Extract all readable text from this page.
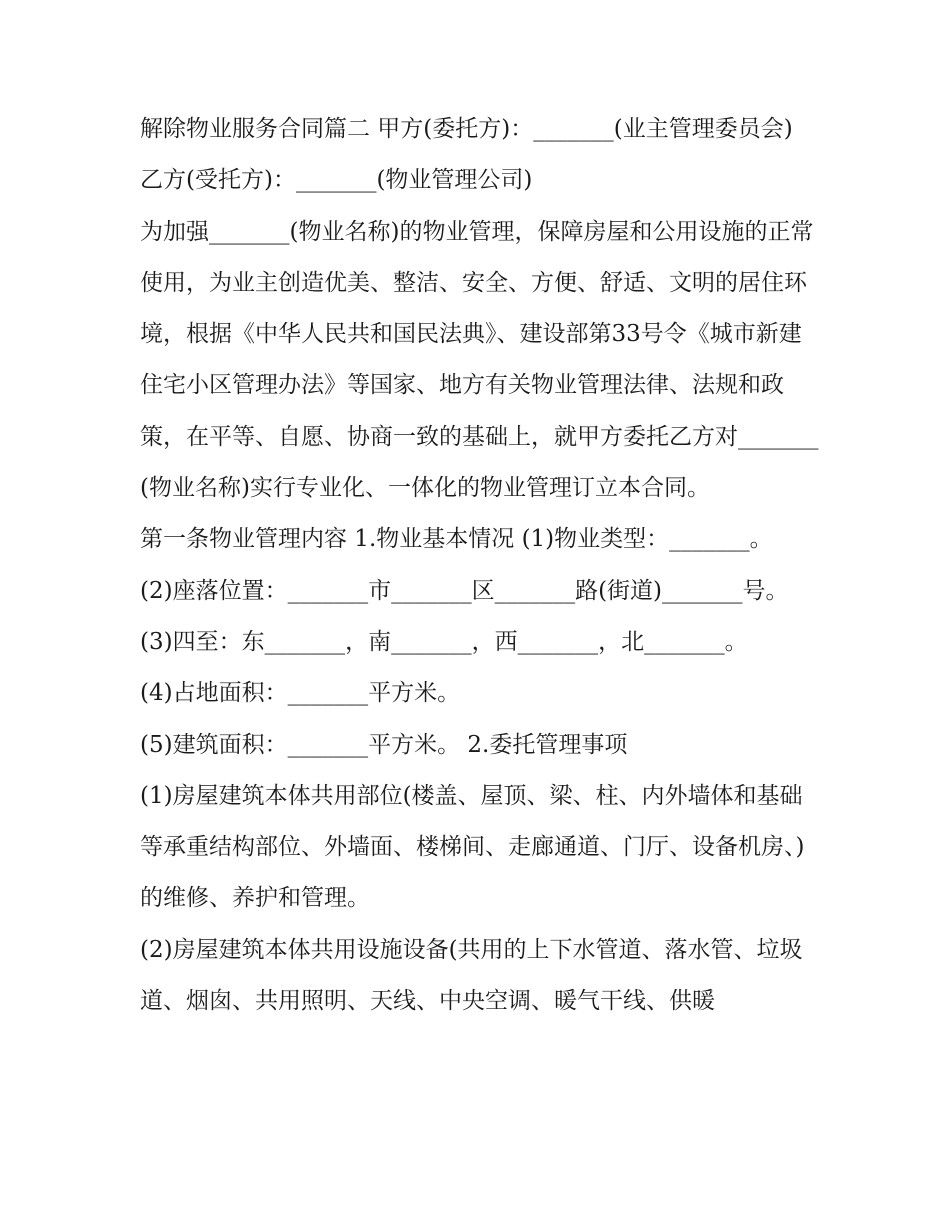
解除物业服务合同篇二 甲方(委托方)：_______(业主管理委员会) 乙方(受托方)：_______(物业管理公司)

为加强_______(物业名称)的物业管理，保障房屋和公用设施的正常使用，为业主创造优美、整洁、安全、方便、舒适、文明的居住环境，根据《中华人民共和国民法典》、建设部第33号令《城市新建住宅小区管理办法》等国家、地方有关物业管理法律、法规和政策，在平等、自愿、协商一致的基础上，就甲方委托乙方对_______(物业名称)实行专业化、一体化的物业管理订立本合同。

第一条物业管理内容 1.物业基本情况 (1)物业类型：_______。

(2)座落位置：_______市_______区_______路(街道)_______号。

(3)四至：东_______，南_______，西_______，北_______。

(4)占地面积：_______平方米。

(5)建筑面积：_______平方米。 2.委托管理事项

(1)房屋建筑本体共用部位(楼盖、屋顶、梁、柱、内外墙体和基础等承重结构部位、外墙面、楼梯间、走廊通道、门厅、设备机房、)的维修、养护和管理。

(2)房屋建筑本体共用设施设备(共用的上下水管道、落水管、垃圾道、烟囱、共用照明、天线、中央空调、暖气干线、供暖
